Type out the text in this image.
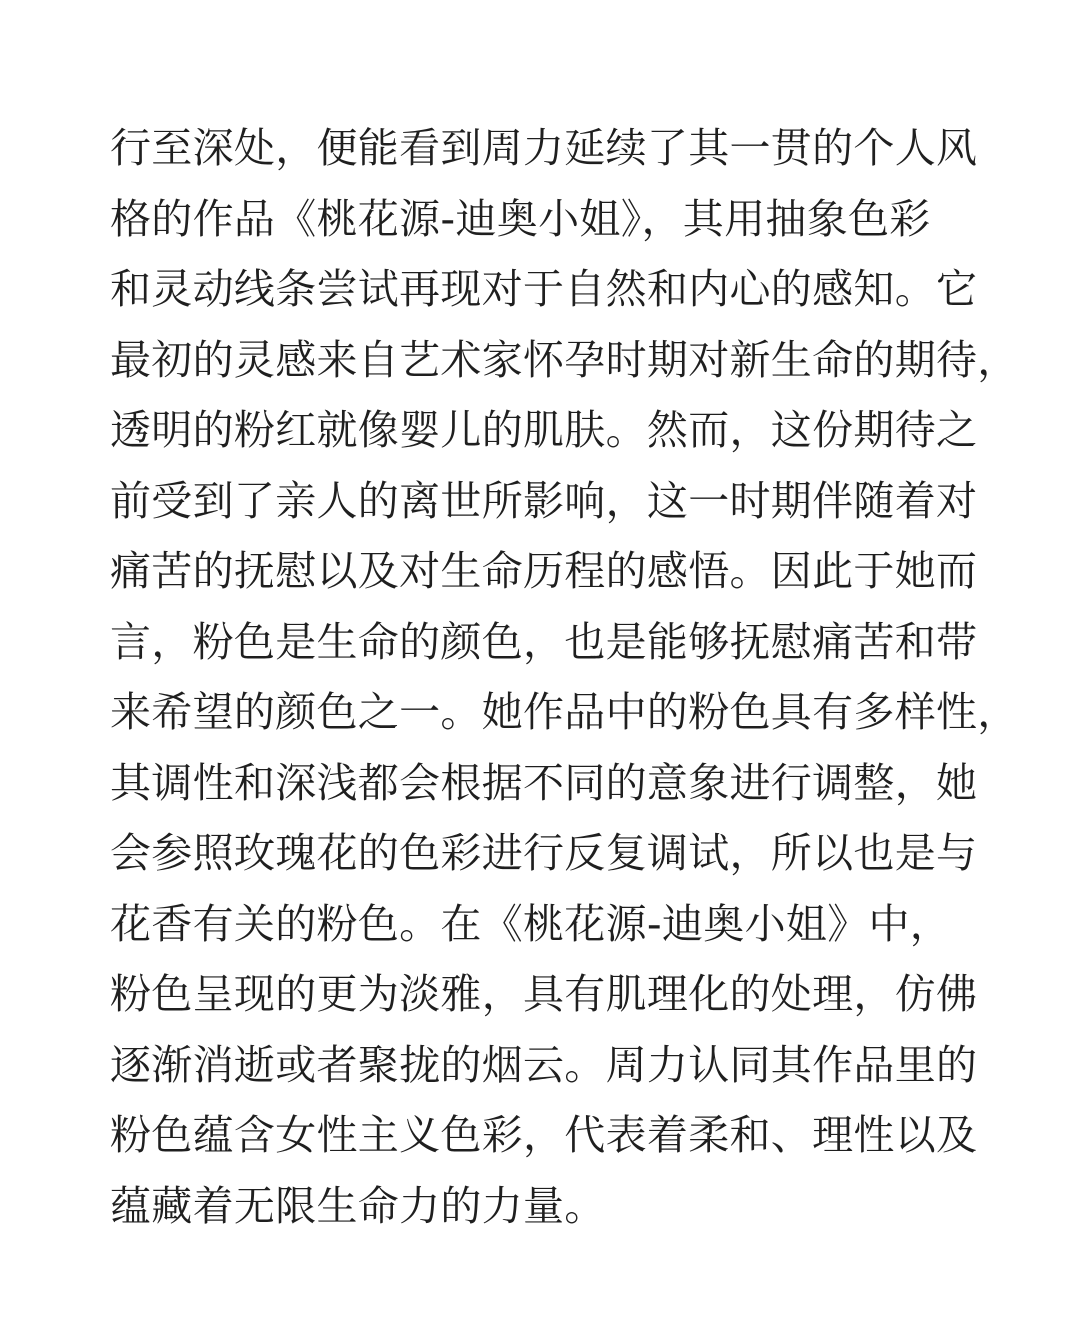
行至深处，便能看到周力延续了其一贯的个人风
格的作品《桃花源-迪奥小姐》，其用抽象色彩
和灵动线条尝试再现对于自然和内心的感知。它
最初的灵感来自艺术家怀孕时期对新生命的期待，
透明的粉红就像婴儿的肌肤。然而，这份期待之
前受到了亲人的离世所影响，这一时期伴随着对
痛苦的抚慰以及对生命历程的感悟。因此于她而
言，粉色是生命的颜色，也是能够抚慰痛苦和带
来希望的颜色之一。她作品中的粉色具有多样性，
其调性和深浅都会根据不同的意象进行调整，她
会参照玫瑰花的色彩进行反复调试，所以也是与
花香有关的粉色。在《桃花源-迪奥小姐》中，
粉色呈现的更为淡雅，具有肌理化的处理，仿佛
逐渐消逝或者聚拢的烟云。周力认同其作品里的
粉色蕴含女性主义色彩，代表着柔和、理性以及
蕴藏着无限生命力的力量。
